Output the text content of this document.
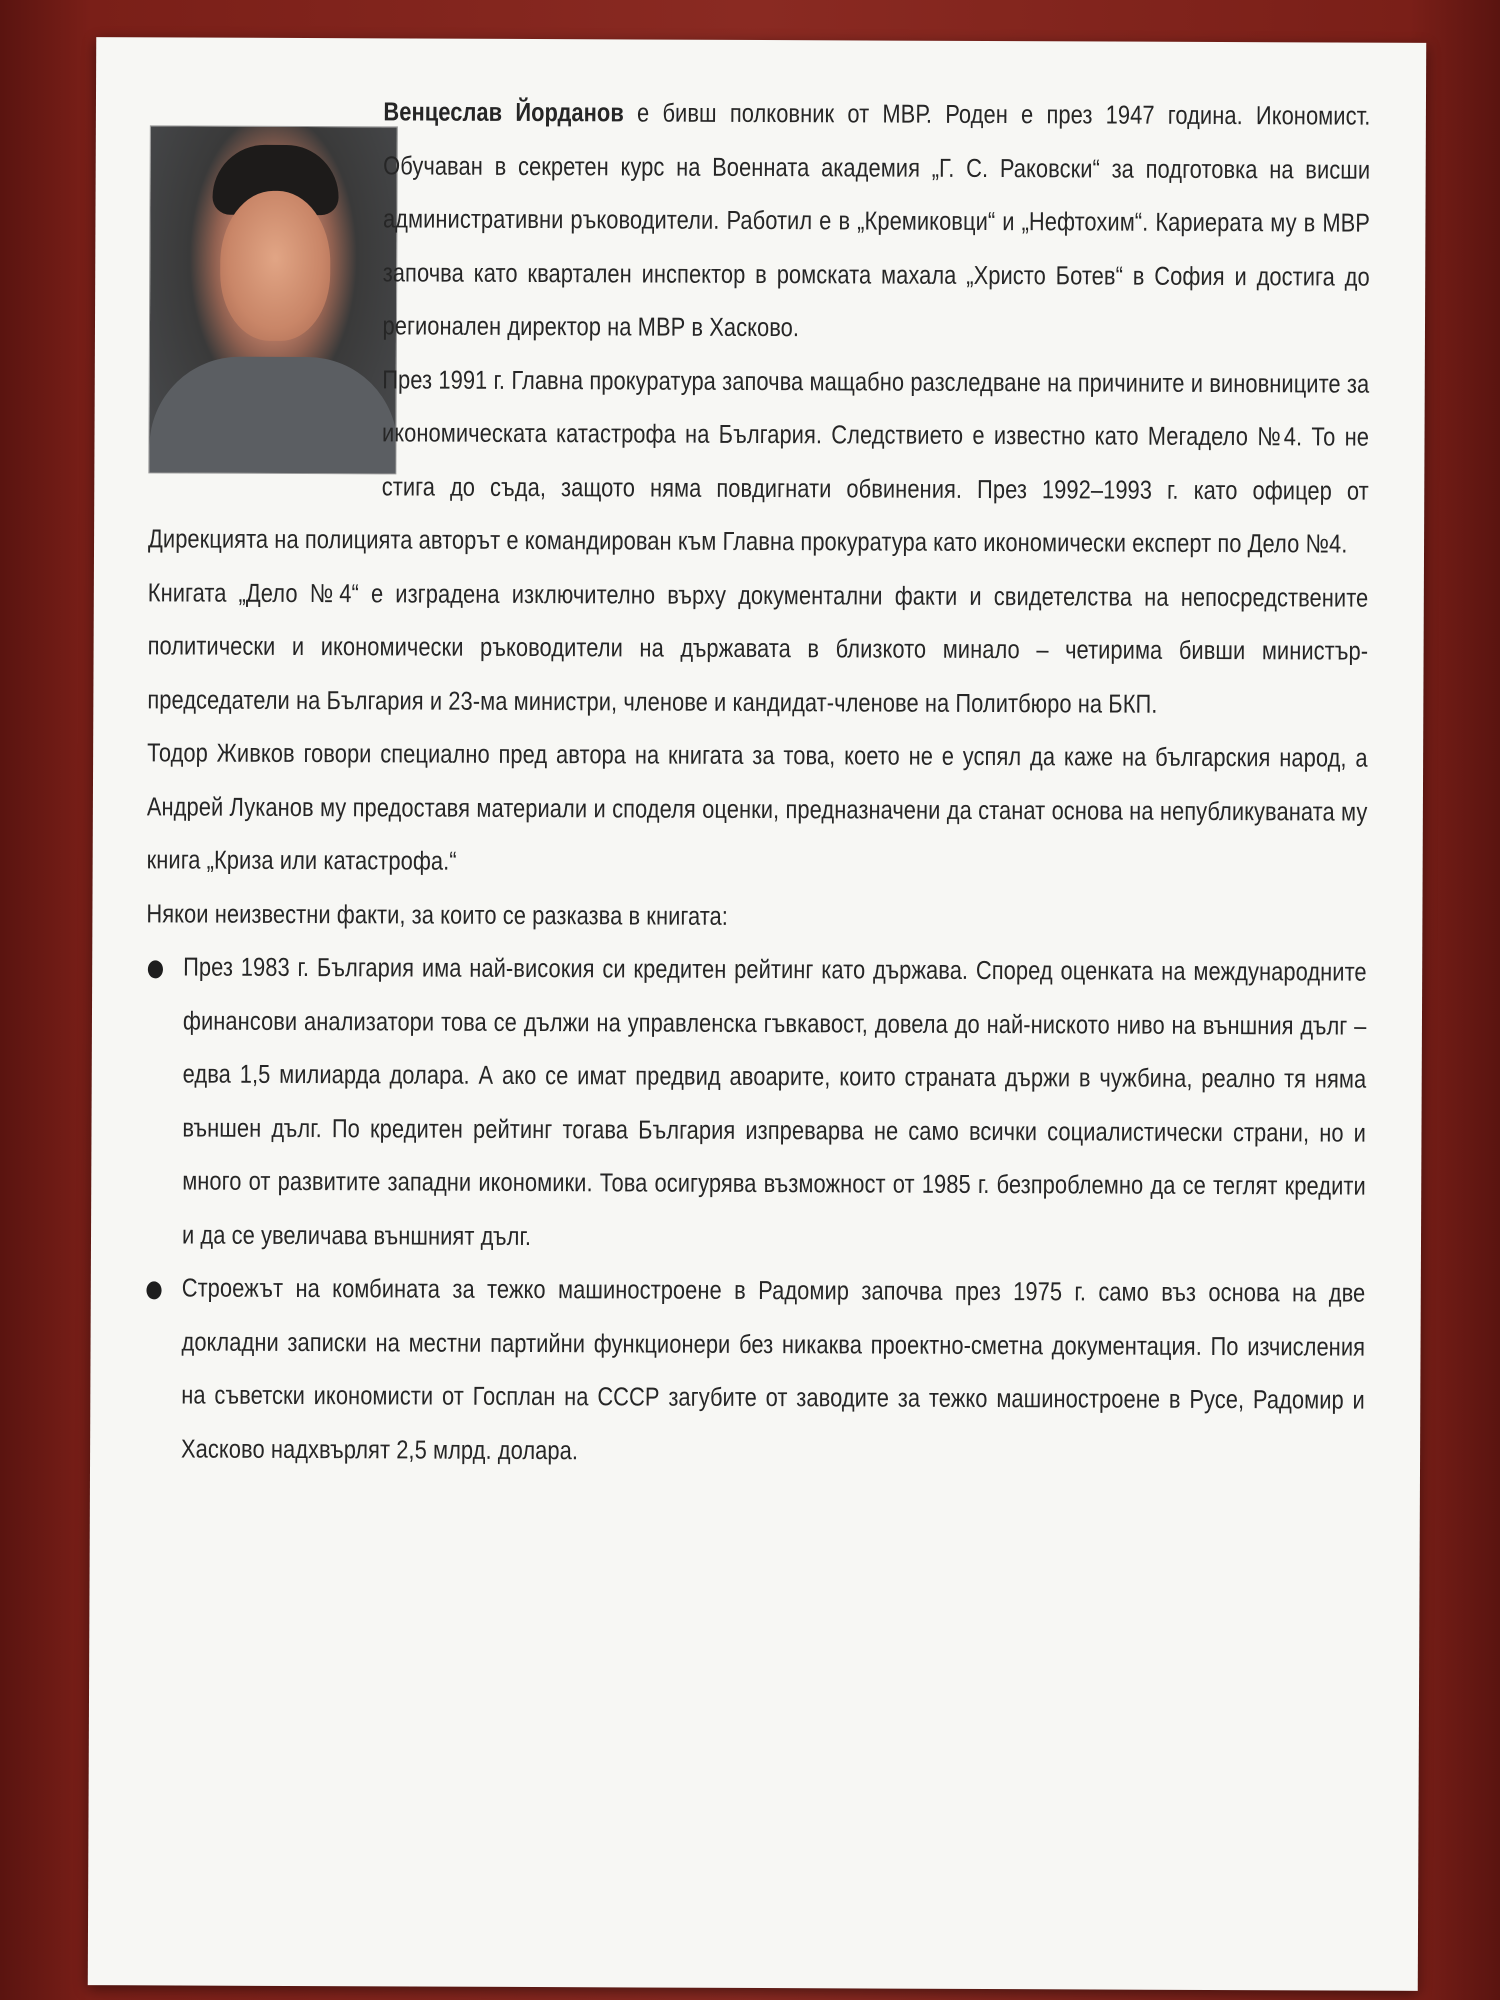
Венцеслав Йорданов е бивш полковник от МВР. Роден е през 1947 година. Икономист. Обучаван в секретен курс на Военната академия „Г. С. Раковски“ за подготовка на висши административни ръководители. Работил е в „Кремиковци“ и „Нефтохим“. Кариерата му в МВР започва като квартален инспектор в ромската махала „Христо Ботев“ в София и достига до регионален директор на МВР в Хасково.

През 1991 г. Главна прокуратура започва мащабно разследване на причините и виновниците за икономическата катастрофа на България. Следствието е известно като Мегадело №4. То не стига до съда, защото няма повдигнати обвинения. През 1992–1993 г. като офицер от Дирекцията на полицията авторът е командирован към Главна прокуратура като икономически експерт по Дело №4.

Книгата „Дело №4“ е изградена изключително върху документални факти и свидетелства на непосредствените политически и икономически ръководители на държавата в близкото минало – четирима бивши министър-председатели на България и 23-ма министри, членове и кандидат-членове на Политбюро на БКП.

Тодор Живков говори специално пред автора на книгата за това, което не е успял да каже на българския народ, а Андрей Луканов му предоставя материали и споделя оценки, предназначени да станат основа на непубликуваната му книга „Криза или катастрофа.“

Някои неизвестни факти, за които се разказва в книгата:

През 1983 г. България има най-високия си кредитен рейтинг като държава. Според оценката на международните финансови анализатори това се дължи на управленска гъвкавост, довела до най-ниското ниво на външния дълг – едва 1,5 милиарда долара. А ако се имат предвид авоарите, които страната държи в чужбина, реално тя няма външен дълг. По кредитен рейтинг тогава България изпреварва не само всички социалистически страни, но и много от развитите западни икономики. Това осигурява възможност от 1985 г. безпроблемно да се теглят кредити и да се увеличава външният дълг.
Строежът на комбината за тежко машиностроене в Радомир започва през 1975 г. само въз основа на две докладни записки на местни партийни функционери без никаква проектно-сметна документация. По изчисления на съветски икономисти от Госплан на СССР загубите от заводите за тежко машиностроене в Русе, Радомир и Хасково надхвърлят 2,5 млрд. долара.
